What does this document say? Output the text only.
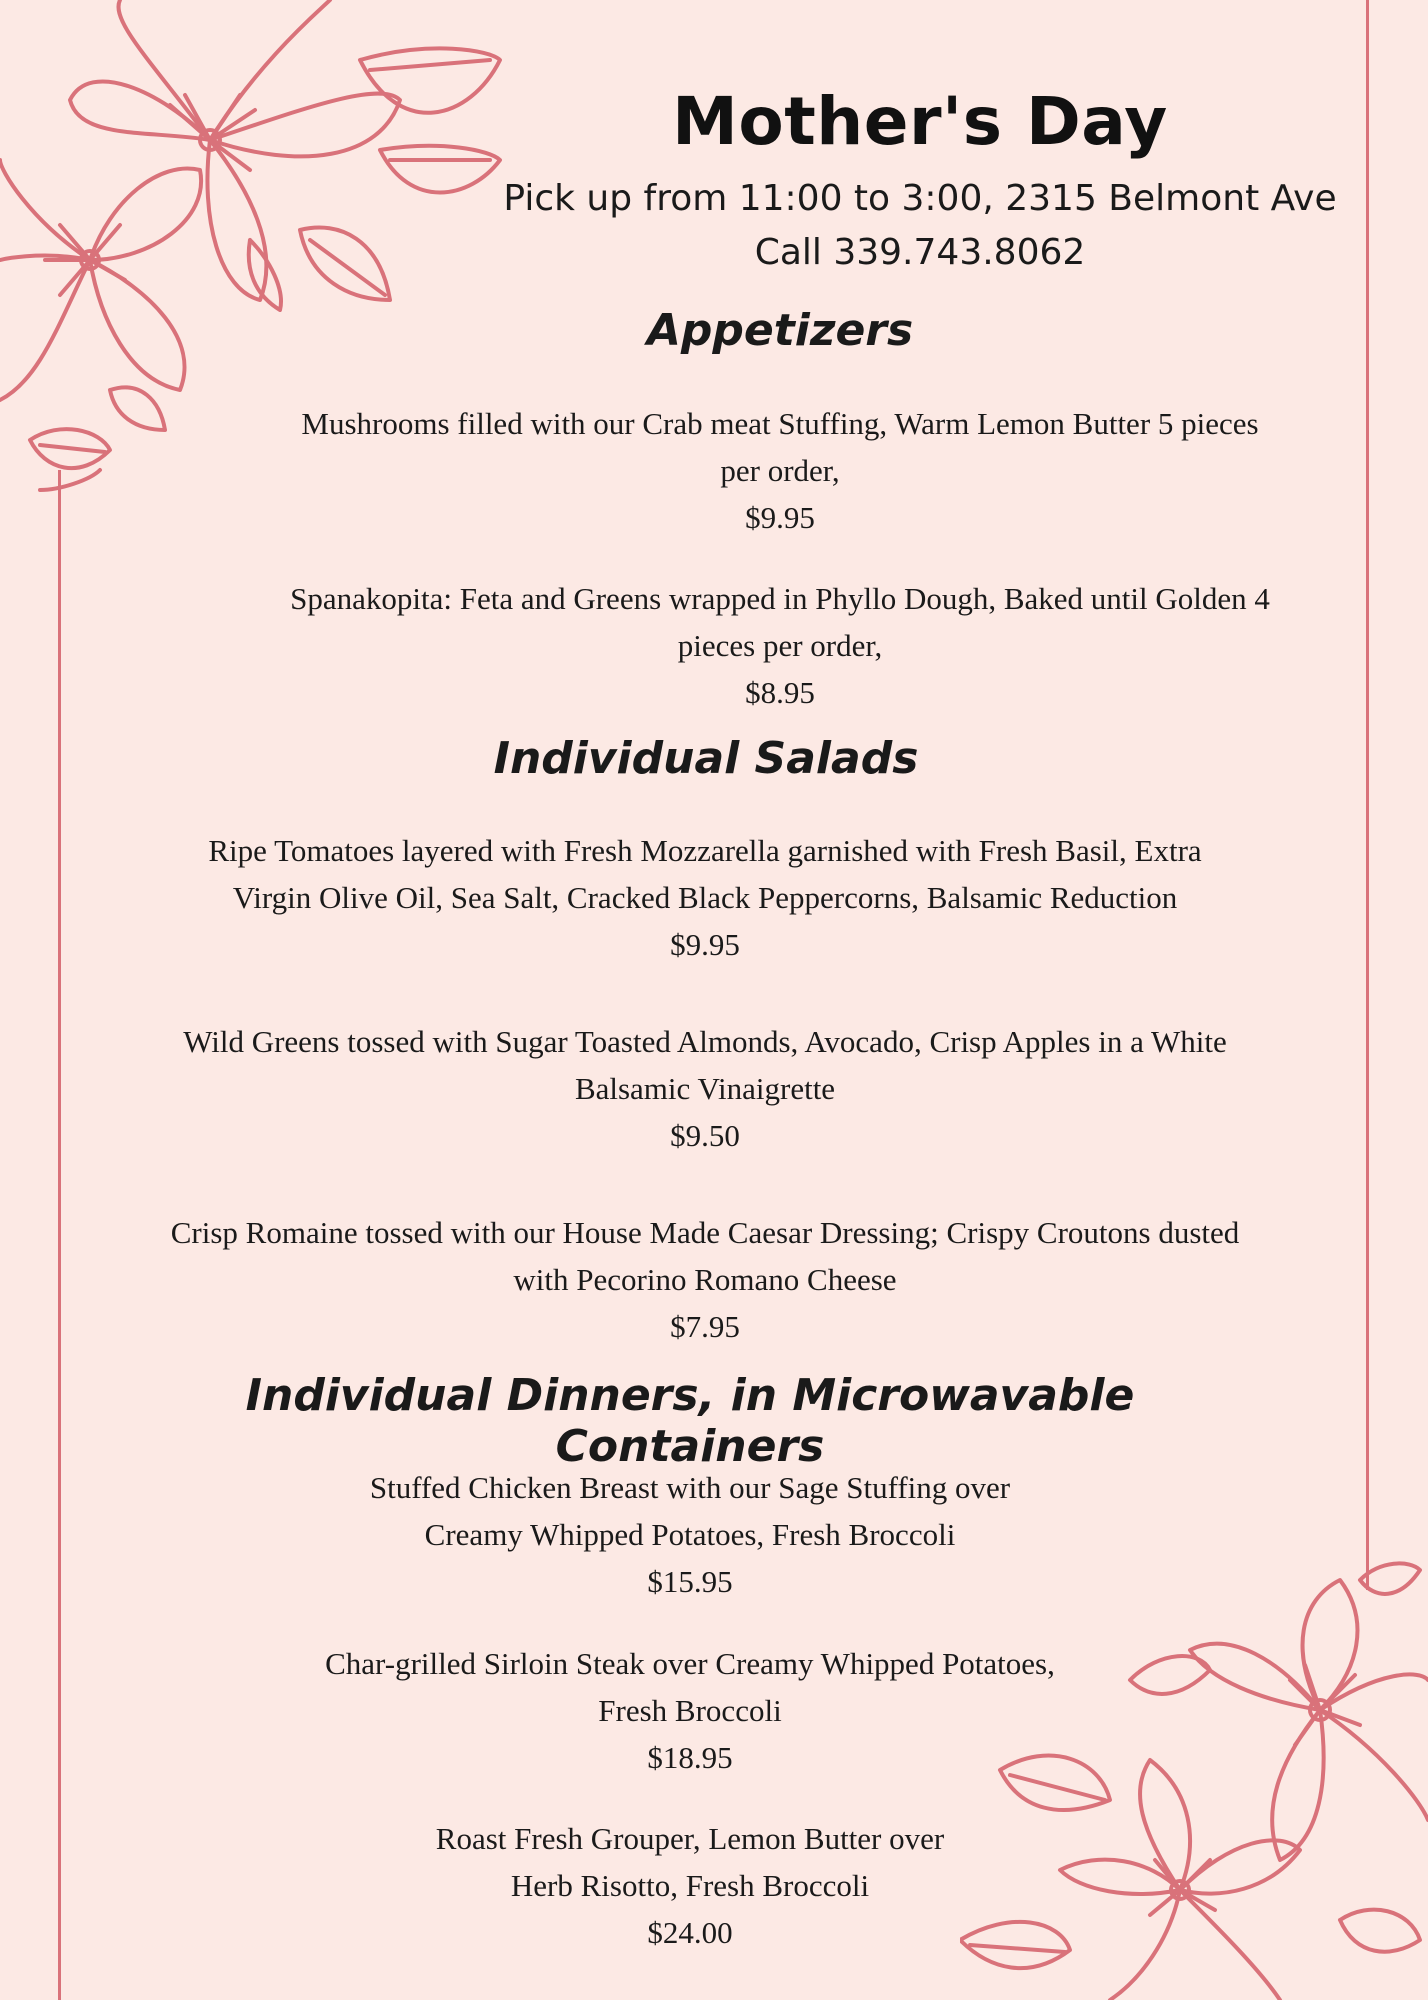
Mother's Day

Pick up from 11:00 to 3:00, 2315 Belmont Ave

Call 339.743.8062

Appetizers

Mushrooms filled with our Crab meat Stuffing, Warm Lemon Butter 5 pieces

per order,

$9.95

Spanakopita: Feta and Greens wrapped in Phyllo Dough, Baked until Golden 4

pieces per order,

$8.95

Individual Salads

Ripe Tomatoes layered with Fresh Mozzarella garnished with Fresh Basil, Extra

Virgin Olive Oil, Sea Salt, Cracked Black Peppercorns, Balsamic Reduction

$9.95

Wild Greens tossed with Sugar Toasted Almonds, Avocado, Crisp Apples in a White

Balsamic Vinaigrette

$9.50

Crisp Romaine tossed with our House Made Caesar Dressing; Crispy Croutons dusted

with Pecorino Romano Cheese

$7.95

Individual Dinners, in Microwavable Containers

Stuffed Chicken Breast with our Sage Stuffing over

Creamy Whipped Potatoes, Fresh Broccoli

$15.95

Char-grilled Sirloin Steak over Creamy Whipped Potatoes,

Fresh Broccoli

$18.95

Roast Fresh Grouper, Lemon Butter over

Herb Risotto, Fresh Broccoli

$24.00
